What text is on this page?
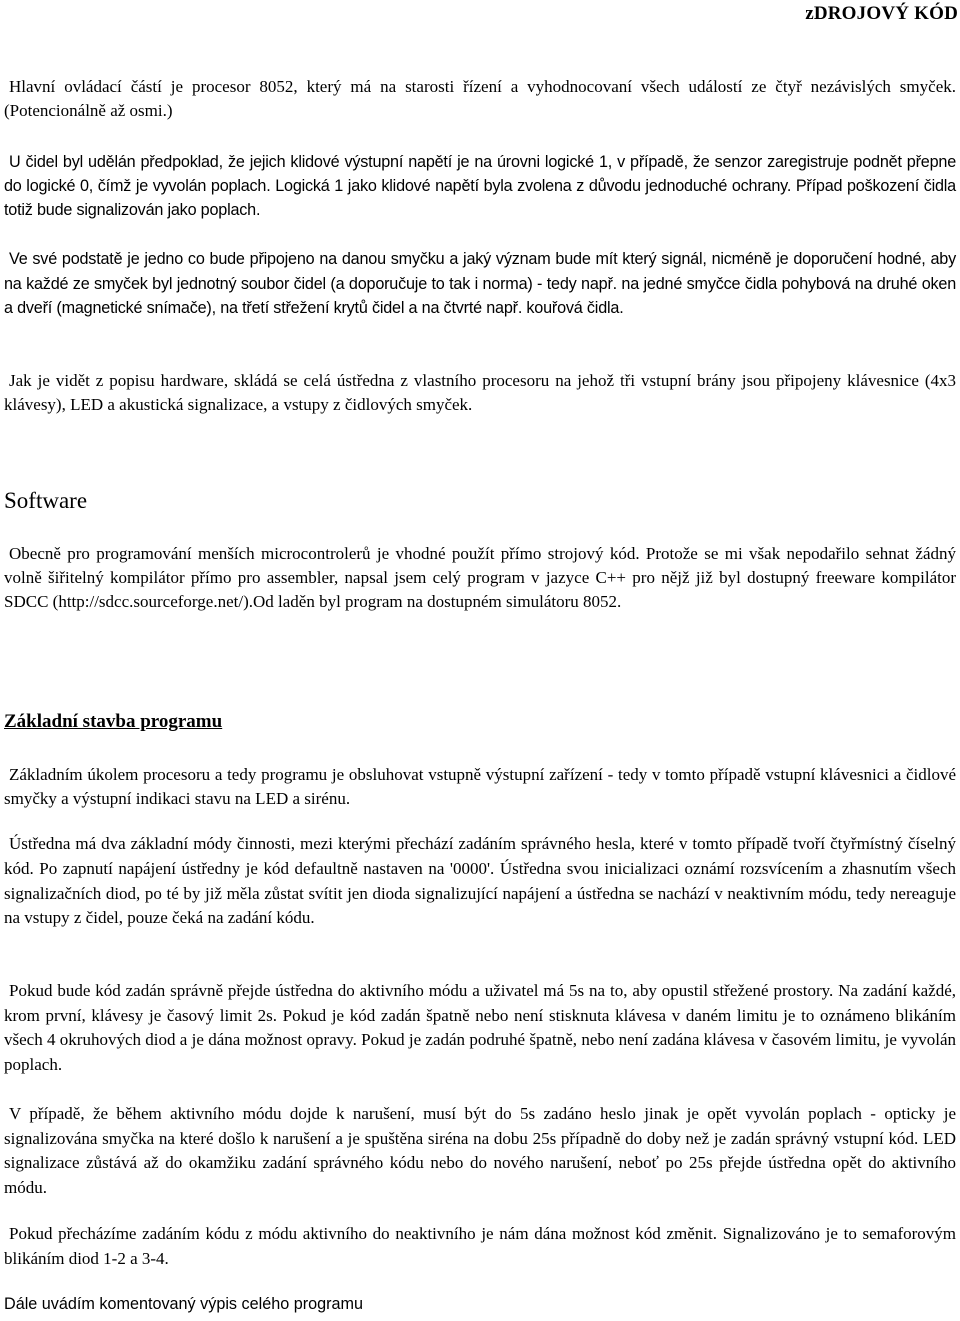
zDROJOVÝ KÓD

Hlavní ovládací částí je procesor 8052, který má na starosti řízení a vyhodnocovaní všech událostí ze čtyř nezávislých smyček. (Potencionálně až osmi.)

U čidel byl udělán předpoklad, že jejich klidové výstupní napětí je na úrovni logické 1, v případě, že senzor zaregistruje podnět přepne do logické 0, čímž je vyvolán poplach. Logická 1 jako klidové napětí byla zvolena z důvodu jednoduché ochrany. Případ poškození čidla totiž bude signalizován jako poplach.

Ve své podstatě je jedno co bude připojeno na danou smyčku a jaký význam bude mít který signál, nicméně je doporučení hodné, aby na každé ze smyček byl jednotný soubor čidel (a doporučuje to tak i norma) - tedy např. na jedné smyčce čidla pohybová na druhé oken a dveří (magnetické snímače), na třetí střežení krytů čidel a na čtvrté např. kouřová čidla.

Jak je vidět z popisu hardware, skládá se celá ústředna z vlastního procesoru na jehož tři vstupní brány jsou připojeny klávesnice (4x3 klávesy), LED a akustická signalizace, a vstupy z čidlových smyček.

Software

Obecně pro programování menších microcontrolerů je vhodné použít přímo strojový kód. Protože se mi však nepodařilo sehnat žádný volně šiřitelný kompilátor přímo pro assembler, napsal jsem celý program v jazyce C++ pro nějž již byl dostupný freeware kompilátor SDCC (http://sdcc.sourceforge.net/).Od laděn byl program na dostupném simulátoru 8052.

Základní stavba programu

Základním úkolem procesoru a tedy programu je obsluhovat vstupně výstupní zařízení - tedy v tomto případě vstupní klávesnici a čidlové smyčky a výstupní indikaci stavu na LED a sirénu.

Ústředna má dva základní módy činnosti, mezi kterými přechází zadáním správného hesla, které v tomto případě tvoří čtyřmístný číselný kód. Po zapnutí napájení ústředny je kód defaultně nastaven na '0000'. Ústředna svou inicializaci oznámí rozsvícením a zhasnutím všech signalizačních diod, po té by již měla zůstat svítit jen dioda signalizující napájení a ústředna se nachází v neaktivním módu, tedy nereaguje na vstupy z čidel, pouze čeká na zadání kódu.

Pokud bude kód zadán správně přejde ústředna do aktivního módu a uživatel má 5s na to, aby opustil střežené prostory. Na zadání každé, krom první, klávesy je časový limit 2s. Pokud je kód zadán špatně nebo není stisknuta klávesa v daném limitu je to oznámeno blikáním všech 4 okruhových diod a je dána možnost opravy. Pokud je zadán podruhé špatně, nebo není zadána klávesa v časovém limitu, je vyvolán poplach.

V případě, že během aktivního módu dojde k narušení, musí být do 5s zadáno heslo jinak je opět vyvolán poplach - opticky je signalizována smyčka na které došlo k narušení a je spuštěna siréna na dobu 25s případně do doby než je zadán správný vstupní kód. LED signalizace zůstává až do okamžiku zadání správného kódu nebo do nového narušení, neboť po 25s přejde ústředna opět do aktivního módu.

Pokud přecházíme zadáním kódu z módu aktivního do neaktivního je nám dána možnost kód změnit. Signalizováno je to semaforovým blikáním diod 1-2 a 3-4.

Dále uvádím komentovaný výpis celého programu
